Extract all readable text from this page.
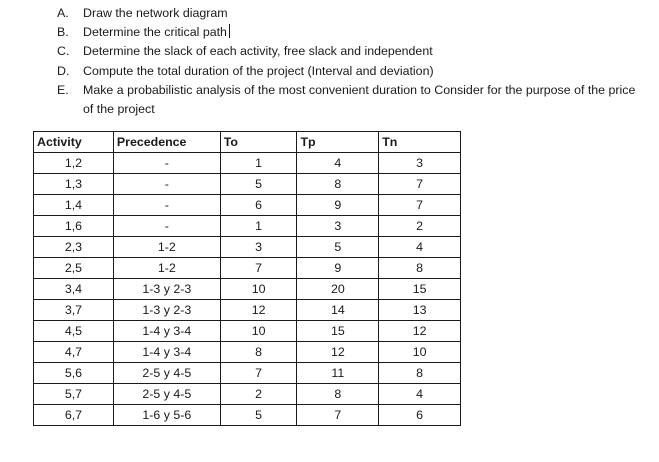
A. Draw the network diagram
B. Determine the critical path
C. Determine the slack of each activity, free slack and independent
D. Compute the total duration of the project (Interval and deviation)
E. Make a probabilistic analysis of the most convenient duration to Consider for the purpose of the price of the project
Activity	Precedence	To	Tp	Tn
1,2	-	1	4	3
1,3	-	5	8	7
1,4	-	6	9	7
1,6	-	1	3	2
2,3	1-2	3	5	4
2,5	1-2	7	9	8
3,4	1-3 y 2-3	10	20	15
3,7	1-3 y 2-3	12	14	13
4,5	1-4 y 3-4	10	15	12
4,7	1-4 y 3-4	8	12	10
5,6	2-5 y 4-5	7	11	8
5,7	2-5 y 4-5	2	8	4
6,7	1-6 y 5-6	5	7	6
